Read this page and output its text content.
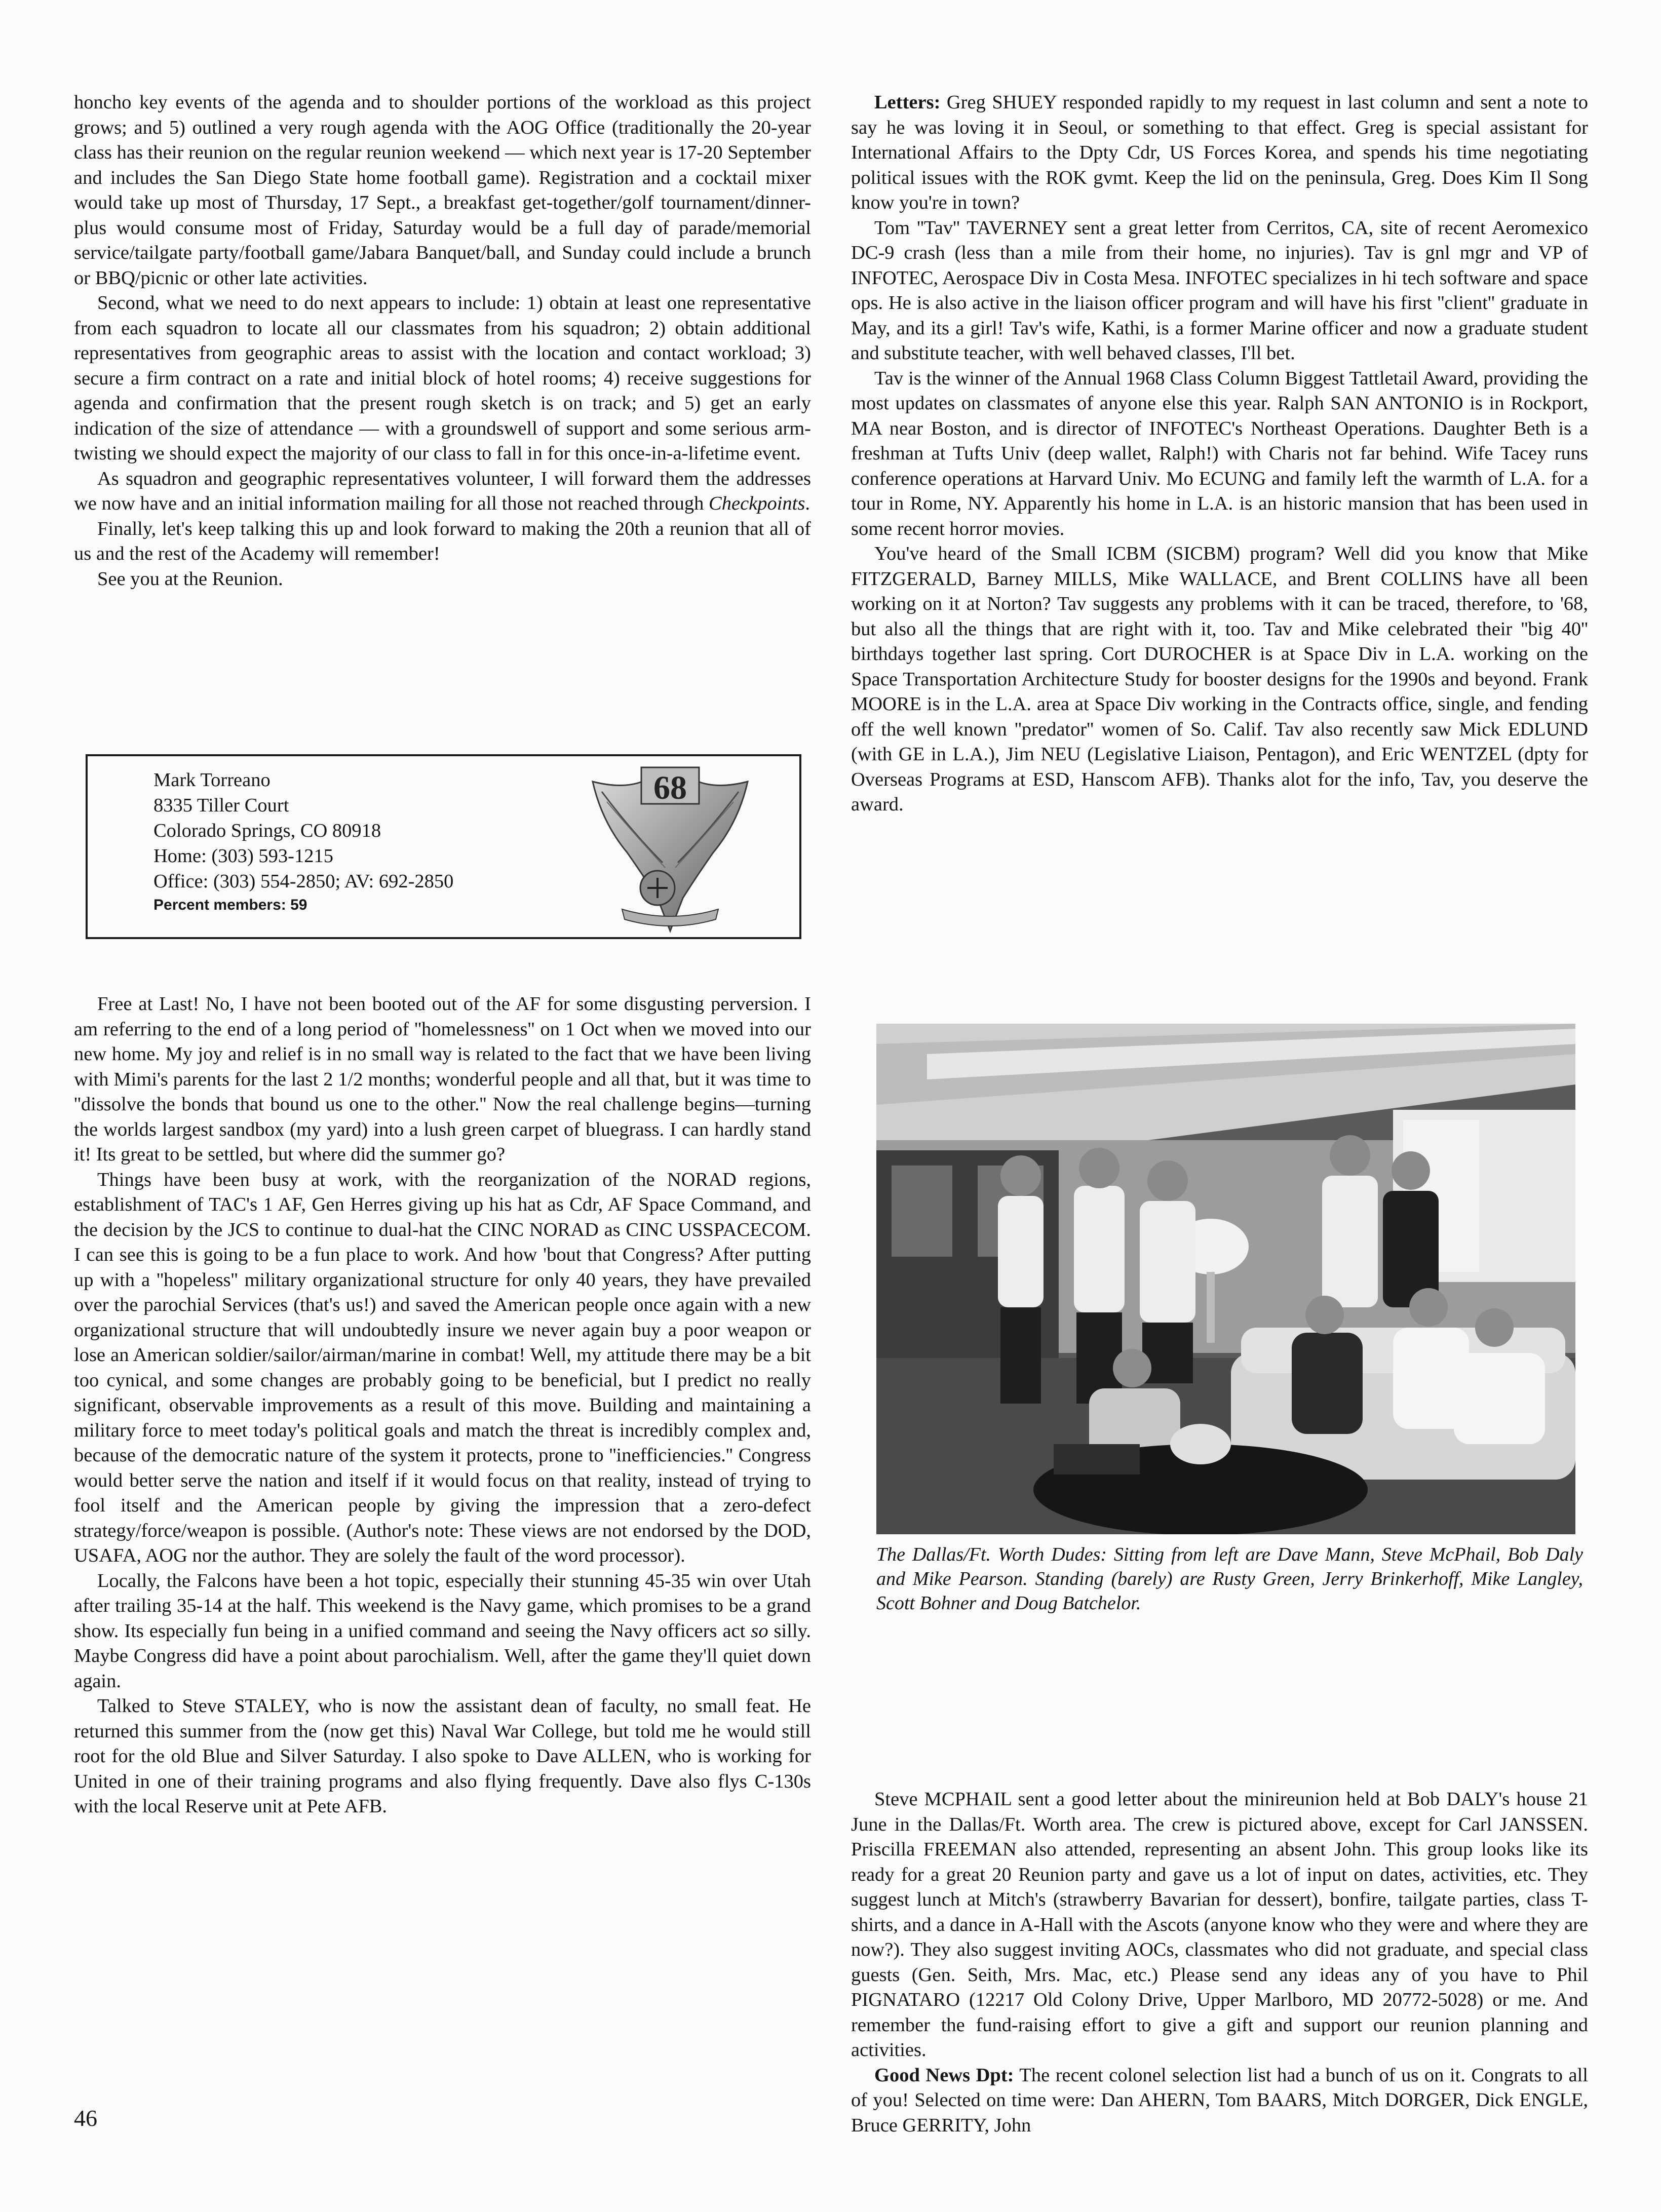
honcho key events of the agenda and to shoulder portions of the workload as this project grows; and 5) outlined a very rough agenda with the AOG Office (traditionally the 20-year class has their reunion on the regular reunion weekend — which next year is 17-20 September and includes the San Diego State home football game). Registration and a cocktail mixer would take up most of Thursday, 17 Sept., a breakfast get-together/golf tournament/dinner-plus would consume most of Friday, Saturday would be a full day of parade/memorial service/tailgate party/football game/Jabara Banquet/ball, and Sunday could include a brunch or BBQ/picnic or other late activities.

Second, what we need to do next appears to include: 1) obtain at least one representative from each squadron to locate all our classmates from his squadron; 2) obtain additional representatives from geographic areas to assist with the location and contact workload; 3) secure a firm contract on a rate and initial block of hotel rooms; 4) receive suggestions for agenda and confirmation that the present rough sketch is on track; and 5) get an early indication of the size of attendance — with a groundswell of support and some serious arm-twisting we should expect the majority of our class to fall in for this once-in-a-lifetime event.

As squadron and geographic representatives volunteer, I will forward them the addresses we now have and an initial information mailing for all those not reached through Checkpoints.

Finally, let's keep talking this up and look forward to making the 20th a reunion that all of us and the rest of the Academy will remember!

See you at the Reunion.

Mark Torreano
8335 Tiller Court
Colorado Springs, CO 80918
Home: (303) 593-1215
Office: (303) 554-2850; AV: 692-2850
Percent members: 59
68

Free at Last! No, I have not been booted out of the AF for some disgusting perversion. I am referring to the end of a long period of ''homelessness'' on 1 Oct when we moved into our new home. My joy and relief is in no small way is related to the fact that we have been living with Mimi's parents for the last 2 1/2 months; wonderful people and all that, but it was time to ''dissolve the bonds that bound us one to the other.'' Now the real challenge begins—turning the worlds largest sandbox (my yard) into a lush green carpet of bluegrass. I can hardly stand it! Its great to be settled, but where did the summer go?

Things have been busy at work, with the reorganization of the NORAD regions, establishment of TAC's 1 AF, Gen Herres giving up his hat as Cdr, AF Space Command, and the decision by the JCS to continue to dual-hat the CINC NORAD as CINC USSPACECOM. I can see this is going to be a fun place to work. And how 'bout that Congress? After putting up with a ''hopeless'' military organizational structure for only 40 years, they have prevailed over the parochial Services (that's us!) and saved the American people once again with a new organizational structure that will undoubtedly insure we never again buy a poor weapon or lose an American soldier/sailor/airman/marine in combat! Well, my attitude there may be a bit too cynical, and some changes are probably going to be beneficial, but I predict no really significant, observable improvements as a result of this move. Building and maintaining a military force to meet today's political goals and match the threat is incredibly complex and, because of the democratic nature of the system it protects, prone to ''inefficiencies.'' Congress would better serve the nation and itself if it would focus on that reality, instead of trying to fool itself and the American people by giving the impression that a zero-defect strategy/force/weapon is possible. (Author's note: These views are not endorsed by the DOD, USAFA, AOG nor the author. They are solely the fault of the word processor).

Locally, the Falcons have been a hot topic, especially their stunning 45-35 win over Utah after trailing 35-14 at the half. This weekend is the Navy game, which promises to be a grand show. Its especially fun being in a unified command and seeing the Navy officers act so silly. Maybe Congress did have a point about parochialism. Well, after the game they'll quiet down again.

Talked to Steve STALEY, who is now the assistant dean of faculty, no small feat. He returned this summer from the (now get this) Naval War College, but told me he would still root for the old Blue and Silver Saturday. I also spoke to Dave ALLEN, who is working for United in one of their training programs and also flying frequently. Dave also flys C-130s with the local Reserve unit at Pete AFB.

Letters: Greg SHUEY responded rapidly to my request in last column and sent a note to say he was loving it in Seoul, or something to that effect. Greg is special assistant for International Affairs to the Dpty Cdr, US Forces Korea, and spends his time negotiating political issues with the ROK gvmt. Keep the lid on the peninsula, Greg. Does Kim Il Song know you're in town?

Tom ''Tav'' TAVERNEY sent a great letter from Cerritos, CA, site of recent Aeromexico DC-9 crash (less than a mile from their home, no injuries). Tav is gnl mgr and VP of INFOTEC, Aerospace Div in Costa Mesa. INFOTEC specializes in hi tech software and space ops. He is also active in the liaison officer program and will have his first ''client'' graduate in May, and its a girl! Tav's wife, Kathi, is a former Marine officer and now a graduate student and substitute teacher, with well behaved classes, I'll bet.

Tav is the winner of the Annual 1968 Class Column Biggest Tattletail Award, providing the most updates on classmates of anyone else this year. Ralph SAN ANTONIO is in Rockport, MA near Boston, and is director of INFOTEC's Northeast Operations. Daughter Beth is a freshman at Tufts Univ (deep wallet, Ralph!) with Charis not far behind. Wife Tacey runs conference operations at Harvard Univ. Mo ECUNG and family left the warmth of L.A. for a tour in Rome, NY. Apparently his home in L.A. is an historic mansion that has been used in some recent horror movies.

You've heard of the Small ICBM (SICBM) program? Well did you know that Mike FITZGERALD, Barney MILLS, Mike WALLACE, and Brent COLLINS have all been working on it at Norton? Tav suggests any problems with it can be traced, therefore, to '68, but also all the things that are right with it, too. Tav and Mike celebrated their ''big 40'' birthdays together last spring. Cort DUROCHER is at Space Div in L.A. working on the Space Transportation Architecture Study for booster designs for the 1990s and beyond. Frank MOORE is in the L.A. area at Space Div working in the Contracts office, single, and fending off the well known ''predator'' women of So. Calif. Tav also recently saw Mick EDLUND (with GE in L.A.), Jim NEU (Legislative Liaison, Pentagon), and Eric WENTZEL (dpty for Overseas Programs at ESD, Hanscom AFB). Thanks alot for the info, Tav, you deserve the award.

The Dallas/Ft. Worth Dudes: Sitting from left are Dave Mann, Steve McPhail, Bob Daly and Mike Pearson. Standing (barely) are Rusty Green, Jerry Brinkerhoff, Mike Langley, Scott Bohner and Doug Batchelor.

Steve MCPHAIL sent a good letter about the minireunion held at Bob DALY's house 21 June in the Dallas/Ft. Worth area. The crew is pictured above, except for Carl JANSSEN. Priscilla FREEMAN also attended, representing an absent John. This group looks like its ready for a great 20 Reunion party and gave us a lot of input on dates, activities, etc. They suggest lunch at Mitch's (strawberry Bavarian for dessert), bonfire, tailgate parties, class T-shirts, and a dance in A-Hall with the Ascots (anyone know who they were and where they are now?). They also suggest inviting AOCs, classmates who did not graduate, and special class guests (Gen. Seith, Mrs. Mac, etc.) Please send any ideas any of you have to Phil PIGNATARO (12217 Old Colony Drive, Upper Marlboro, MD 20772-5028) or me. And remember the fund-raising effort to give a gift and support our reunion planning and activities.

Good News Dpt: The recent colonel selection list had a bunch of us on it. Congrats to all of you! Selected on time were: Dan AHERN, Tom BAARS, Mitch DORGER, Dick ENGLE, Bruce GERRITY, John

46
